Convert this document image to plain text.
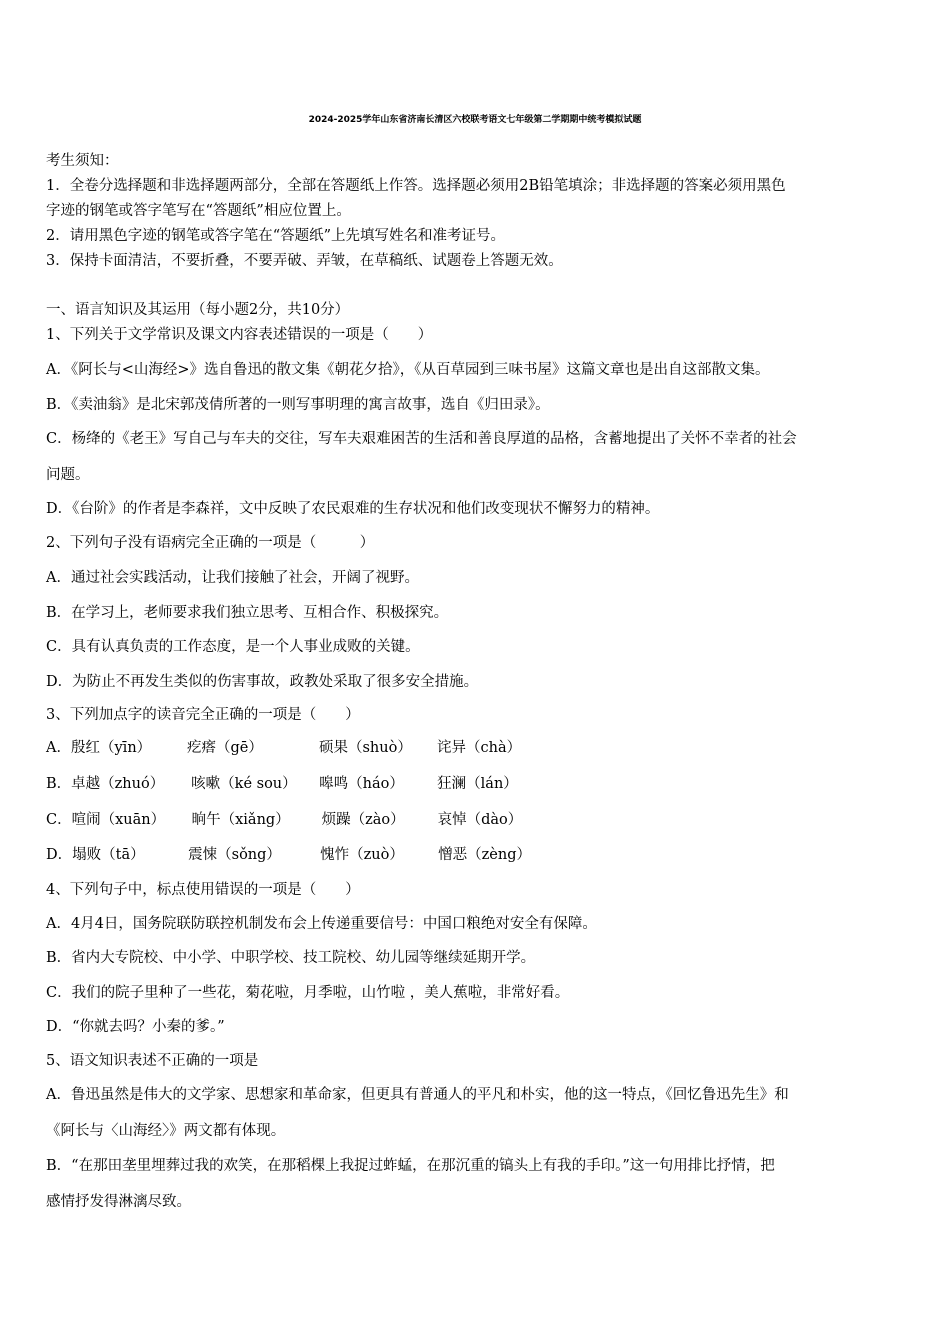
2024-2025学年山东省济南长清区六校联考语文七年级第二学期期中统考模拟试题
考生须知：
1．全卷分选择题和非选择题两部分，全部在答题纸上作答。选择题必须用2B铅笔填涂；非选择题的答案必须用黑色
字迹的钢笔或答字笔写在“答题纸”相应位置上。
2．请用黑色字迹的钢笔或答字笔在“答题纸”上先填写姓名和准考证号。
3．保持卡面清洁，不要折叠，不要弄破、弄皱，在草稿纸、试题卷上答题无效。
一、语言知识及其运用（每小题2分，共10分）
1、下列关于文学常识及课文内容表述错误的一项是（　　）
A．《阿长与<山海经>》选自鲁迅的散文集《朝花夕拾》，《从百草园到三味书屋》这篇文章也是出自这部散文集。
B．《卖油翁》是北宋郭茂倩所著的一则写事明理的寓言故事，选自《归田录》。
C．杨绛的《老王》写自己与车夫的交往，写车夫艰难困苦的生活和善良厚道的品格，含蓄地提出了关怀不幸者的社会
问题。
D．《台阶》的作者是李森祥，文中反映了农民艰难的生存状况和他们改变现状不懈努力的精神。
2、下列句子没有语病完全正确的一项是（　　　）
A．通过社会实践活动，让我们接触了社会，开阔了视野。
B．在学习上，老师要求我们独立思考、互相合作、积极探究。
C．具有认真负责的工作态度，是一个人事业成败的关键。
D．为防止不再发生类似的伤害事故，政教处采取了很多安全措施。
3、下列加点字的读音完全正确的一项是（　　）
A．殷红（yīn） 疙瘩（gē）	硕果（shuò） 诧异（chà）
B．卓越（zhuó） 咳嗽（ké sou） 嗥鸣（háo） 狂澜（lán）
C．喧闹（xuān） 晌午（xiǎng） 烦躁（zào） 哀悼（dào）
D．塌败（tā）	震悚（sǒng）	愧怍（zuò） 憎恶（zèng）
4、下列句子中，标点使用错误的一项是（　　）
A．4月4日，国务院联防联控机制发布会上传递重要信号：中国口粮绝对安全有保障。
B．省内大专院校、中小学、中职学校、技工院校、幼儿园等继续延期开学。
C．我们的院子里种了一些花，菊花啦，月季啦，山竹啦 ，美人蕉啦，非常好看。
D．“你就去吗？小秦的爹。”
5、语文知识表述不正确的一项是
A．鲁迅虽然是伟大的文学家、思想家和革命家，但更具有普通人的平凡和朴实，他的这一特点，《回忆鲁迅先生》和
《阿长与〈山海经〉》两文都有体现。
B．“在那田垄里埋葬过我的欢笑，在那稻棵上我捉过蚱蜢，在那沉重的镐头上有我的手印。”这一句用排比抒情，把
感情抒发得淋漓尽致。
